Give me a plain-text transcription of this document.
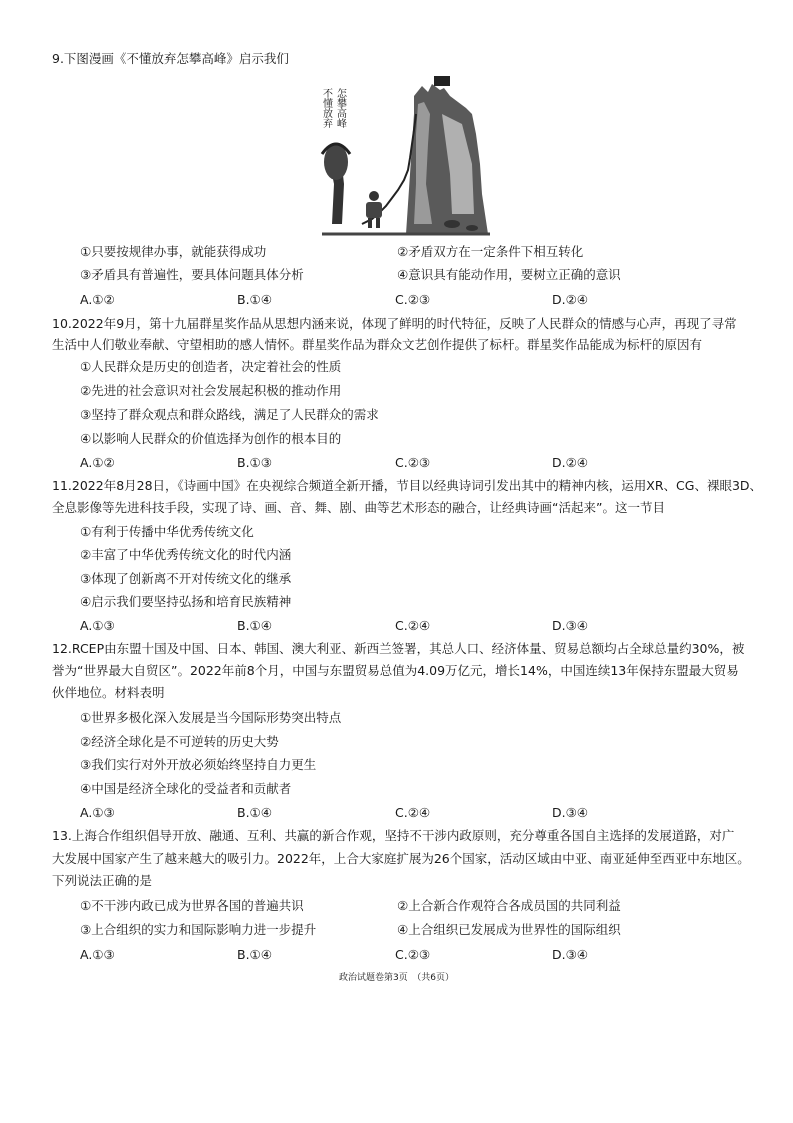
9.下图漫画《不懂放弃怎攀高峰》启示我们
不懂放弃 怎攀高峰
①只要按规律办事，就能获得成功	②矛盾双方在一定条件下相互转化
③矛盾具有普遍性，要具体问题具体分析	④意识具有能动作用，要树立正确的意识
A.①②	B.①④	C.②③	D.②④
10.2022年9月，第十九届群星奖作品从思想内涵来说，体现了鲜明的时代特征，反映了人民群众的情感与心声，再现了寻常
生活中人们敬业奉献、守望相助的感人情怀。群星奖作品为群众文艺创作提供了标杆。群星奖作品能成为标杆的原因有
①人民群众是历史的创造者，决定着社会的性质
②先进的社会意识对社会发展起积极的推动作用
③坚持了群众观点和群众路线，满足了人民群众的需求
④以影响人民群众的价值选择为创作的根本目的
A.①②	B.①③	C.②③	D.②④
11.2022年8月28日，《诗画中国》在央视综合频道全新开播，节目以经典诗词引发出其中的精神内核，运用XR、CG、裸眼3D、
全息影像等先进科技手段，实现了诗、画、音、舞、剧、曲等艺术形态的融合，让经典诗画“活起来”。这一节目
①有利于传播中华优秀传统文化
②丰富了中华优秀传统文化的时代内涵
③体现了创新离不开对传统文化的继承
④启示我们要坚持弘扬和培育民族精神
A.①③	B.①④	C.②④	D.③④
12.RCEP由东盟十国及中国、日本、韩国、澳大利亚、新西兰签署，其总人口、经济体量、贸易总额均占全球总量约30%，被
誉为“世界最大自贸区”。2022年前8个月，中国与东盟贸易总值为4.09万亿元，增长14%，中国连续13年保持东盟最大贸易
伙伴地位。材料表明
①世界多极化深入发展是当今国际形势突出特点
②经济全球化是不可逆转的历史大势
③我们实行对外开放必须始终坚持自力更生
④中国是经济全球化的受益者和贡献者
A.①③	B.①④	C.②④	D.③④
13.上海合作组织倡导开放、融通、互利、共赢的新合作观，坚持不干涉内政原则，充分尊重各国自主选择的发展道路，对广
大发展中国家产生了越来越大的吸引力。2022年，上合大家庭扩展为26个国家，活动区域由中亚、南亚延伸至西亚中东地区。
下列说法正确的是
①不干涉内政已成为世界各国的普遍共识	②上合新合作观符合各成员国的共同利益
③上合组织的实力和国际影响力进一步提升	④上合组织已发展成为世界性的国际组织
A.①③	B.①④	C.②③	D.③④
政治试题卷第3页　（共6页）
